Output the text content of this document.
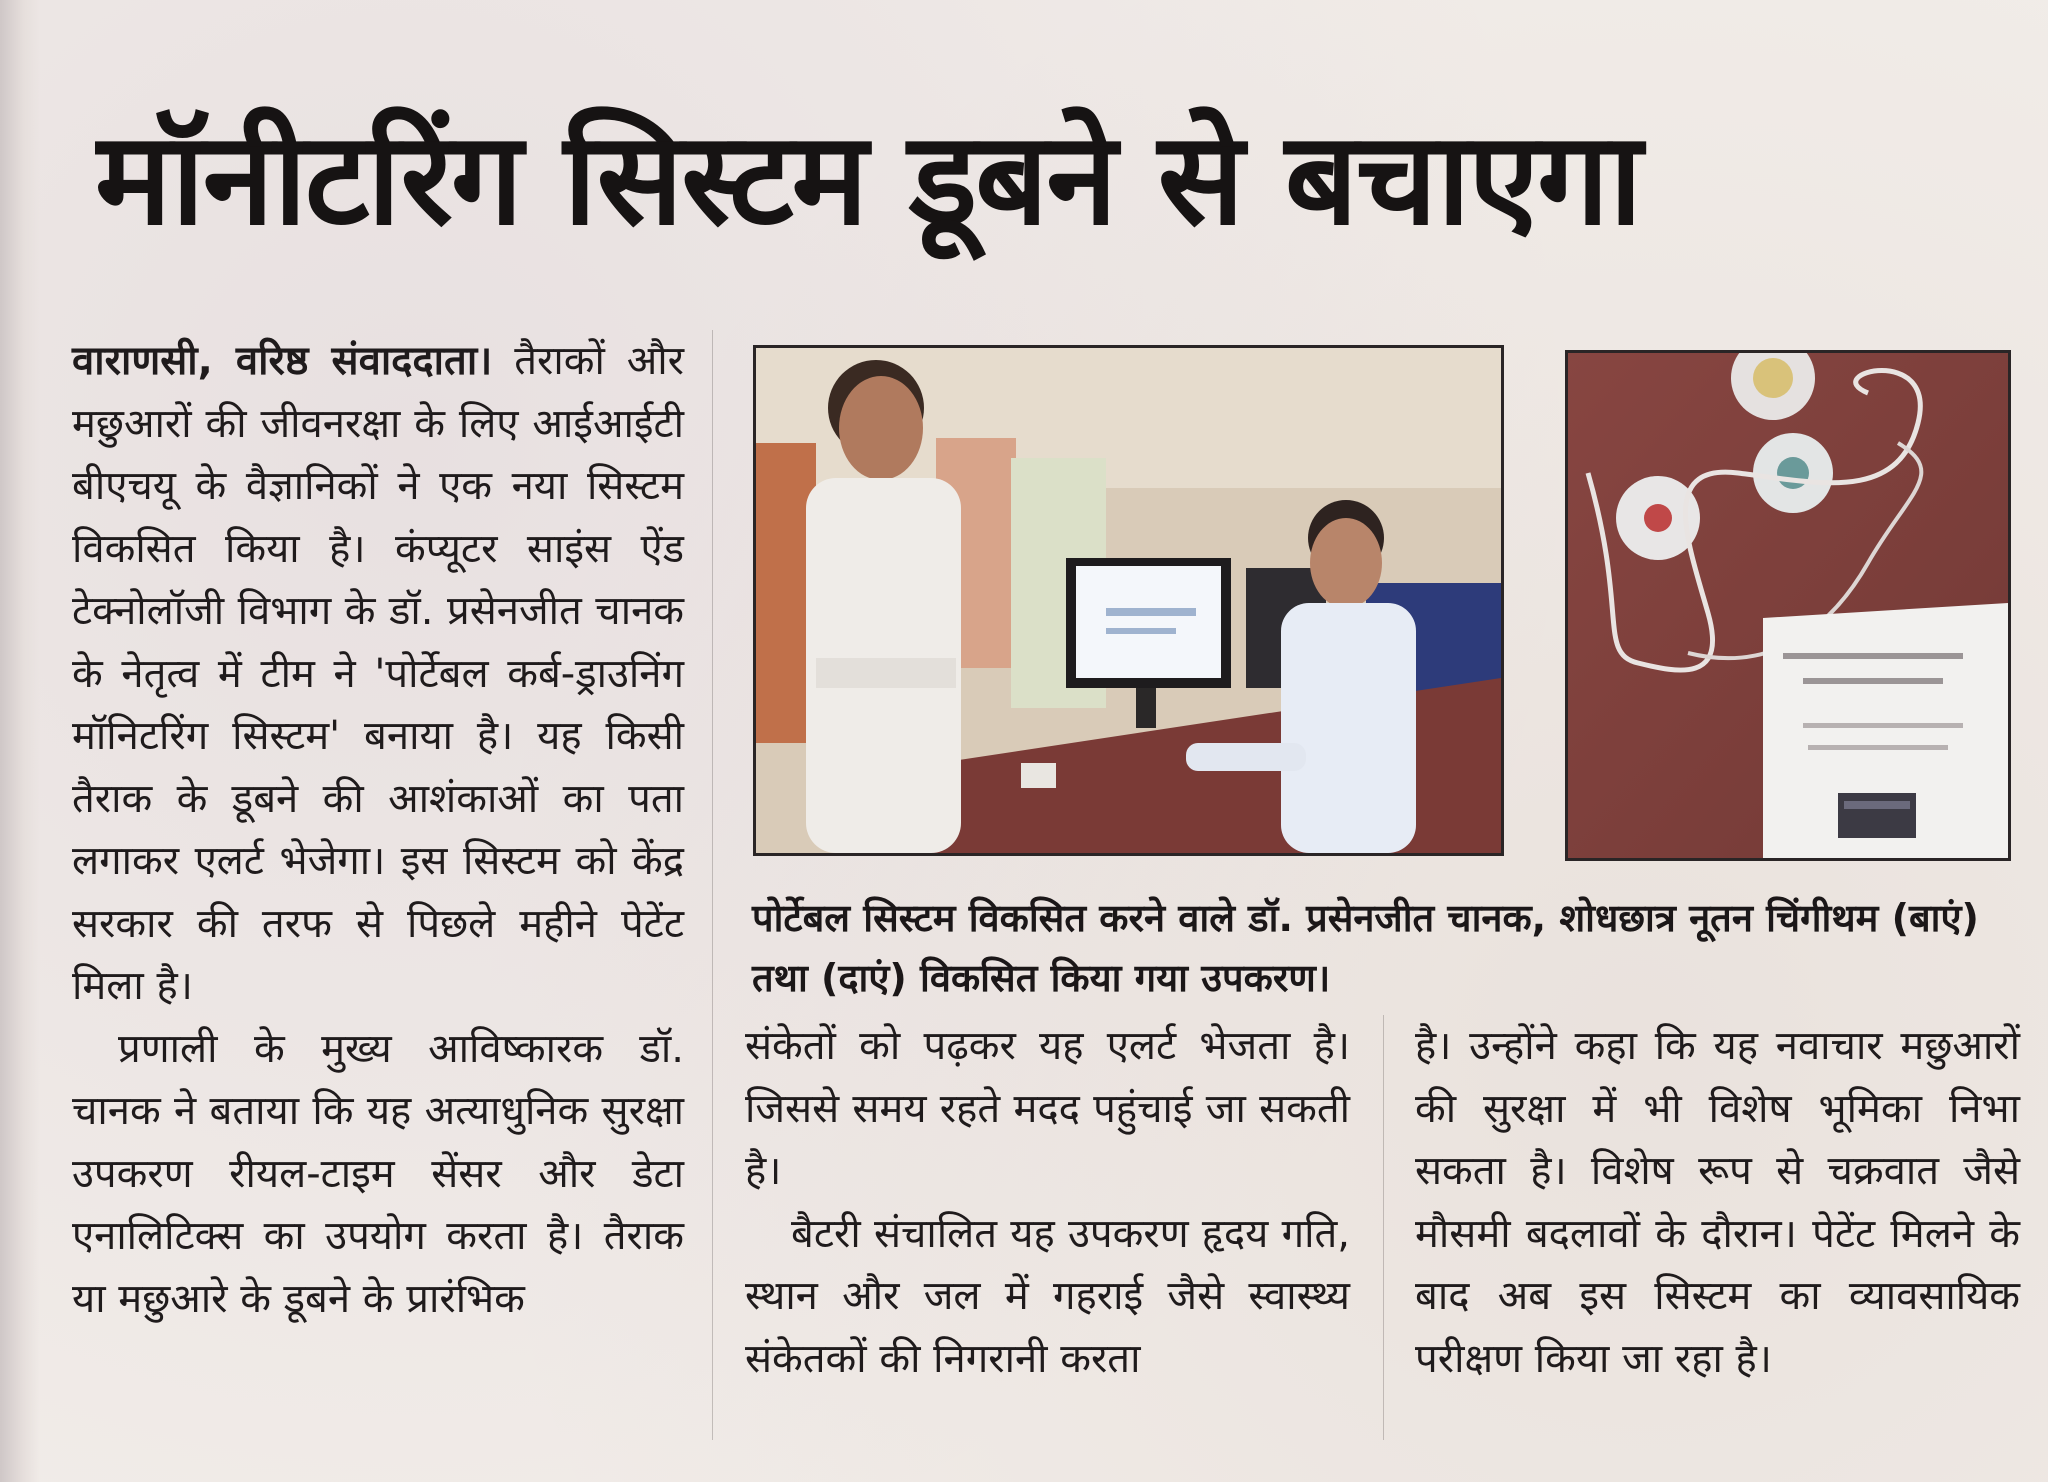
मॉनीटरिंग सिस्टम डूबने से बचाएगा

वाराणसी, वरिष्ठ संवाददाता। तैराकों और मछुआरों की जीवनरक्षा के लिए आईआईटी बीएचयू के वैज्ञानिकों ने एक नया सिस्टम विकसित किया है। कंप्यूटर साइंस ऐंड टेक्नोलॉजी विभाग के डॉ. प्रसेनजीत चानक के नेतृत्व में टीम ने 'पोर्टेबल कर्ब-ड्राउनिंग मॉनिटरिंग सिस्टम' बनाया है। यह किसी तैराक के डूबने की आशंकाओं का पता लगाकर एलर्ट भेजेगा। इस सिस्टम को केंद्र सरकार की तरफ से पिछले महीने पेटेंट मिला है।

प्रणाली के मुख्य आविष्कारक डॉ. चानक ने बताया कि यह अत्याधुनिक सुरक्षा उपकरण रीयल-टाइम सेंसर और डेटा एनालिटिक्स का उपयोग करता है। तैराक या मछुआरे के डूबने के प्रारंभिक

पोर्टेबल सिस्टम विकसित करने वाले डॉ. प्रसेनजीत चानक, शोधछात्र नूतन चिंगीथम (बाएं) तथा (दाएं) विकसित किया गया उपकरण।

संकेतों को पढ़कर यह एलर्ट भेजता है। जिससे समय रहते मदद पहुंचाई जा सकती है।

बैटरी संचालित यह उपकरण हृदय गति, स्थान और जल में गहराई जैसे स्वास्थ्य संकेतकों की निगरानी करता

है। उन्होंने कहा कि यह नवाचार मछुआरों की सुरक्षा में भी विशेष भूमिका निभा सकता है। विशेष रूप से चक्रवात जैसे मौसमी बदलावों के दौरान। पेटेंट मिलने के बाद अब इस सिस्टम का व्यावसायिक परीक्षण किया जा रहा है।
